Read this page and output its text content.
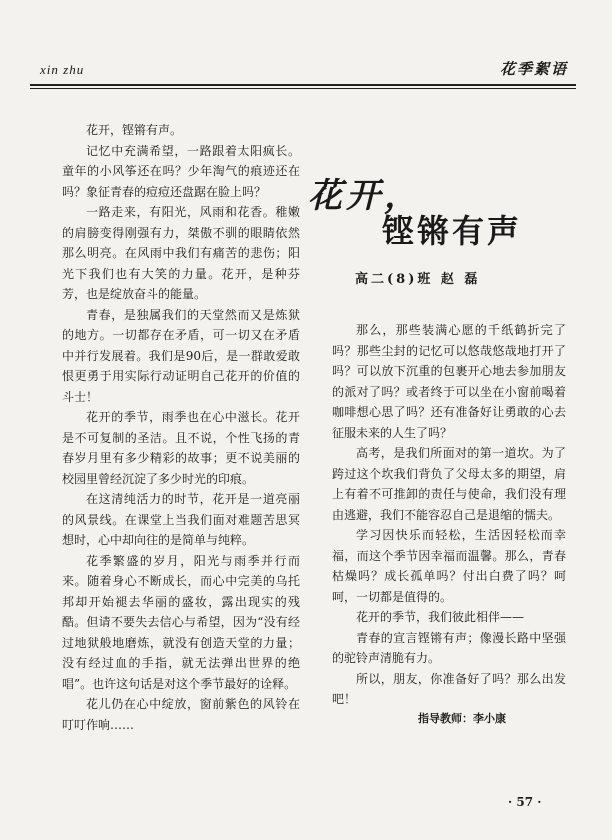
xin zhu	花季絮语

花开，铿锵有声。

记忆中充满希望，一路跟着太阳疯长。童年的小风筝还在吗？少年淘气的痕迹还在吗？象征青春的痘痘还盘踞在脸上吗？

一路走来，有阳光，风雨和花香。稚嫩的肩膀变得刚强有力，桀傲不驯的眼睛依然那么明亮。在风雨中我们有痛苦的悲伤；阳光下我们也有大笑的力量。花开，是种芬芳，也是绽放奋斗的能量。

青春，是独属我们的天堂然而又是炼狱的地方。一切都存在矛盾，可一切又在矛盾中并行发展着。我们是90后，是一群敢爱敢恨更勇于用实际行动证明自己花开的价值的斗士！

花开的季节，雨季也在心中滋长。花开是不可复制的圣洁。且不说，个性飞扬的青春岁月里有多少精彩的故事；更不说美丽的校园里曾经沉淀了多少时光的印痕。

在这清纯活力的时节，花开是一道亮丽的风景线。在课堂上当我们面对难题苦思冥想时，心中却向往的是简单与纯粹。

花季繁盛的岁月，阳光与雨季并行而来。随着身心不断成长，而心中完美的乌托邦却开始褪去华丽的盛妆，露出现实的残酷。但请不要失去信心与希望，因为“没有经过地狱般地磨炼，就没有创造天堂的力量；没有经过血的手指，就无法弹出世界的绝唱”。也许这句话是对这个季节最好的诠释。

花儿仍在心中绽放，窗前紫色的风铃在叮叮作响……

花开，
铿锵有声
高二(8)班 赵 磊

那么，那些装满心愿的千纸鹤折完了吗？那些尘封的记忆可以悠哉悠哉地打开了吗？可以放下沉重的包裹开心地去参加朋友的派对了吗？或者终于可以坐在小窗前喝着咖啡想心思了吗？还有准备好让勇敢的心去征服未来的人生了吗？

高考，是我们所面对的第一道坎。为了跨过这个坎我们背负了父母太多的期望，肩上有着不可推卸的责任与使命，我们没有理由逃避，我们不能容忍自己是退缩的懦夫。

学习因快乐而轻松，生活因轻松而幸福，而这个季节因幸福而温馨。那么，青春枯燥吗？成长孤单吗？付出白费了吗？呵呵，一切都是值得的。

花开的季节，我们彼此相伴——

青春的宣言铿锵有声；像漫长路中坚强的驼铃声清脆有力。

所以，朋友，你准备好了吗？那么出发吧！

指导教师：李小康
· 57 ·
